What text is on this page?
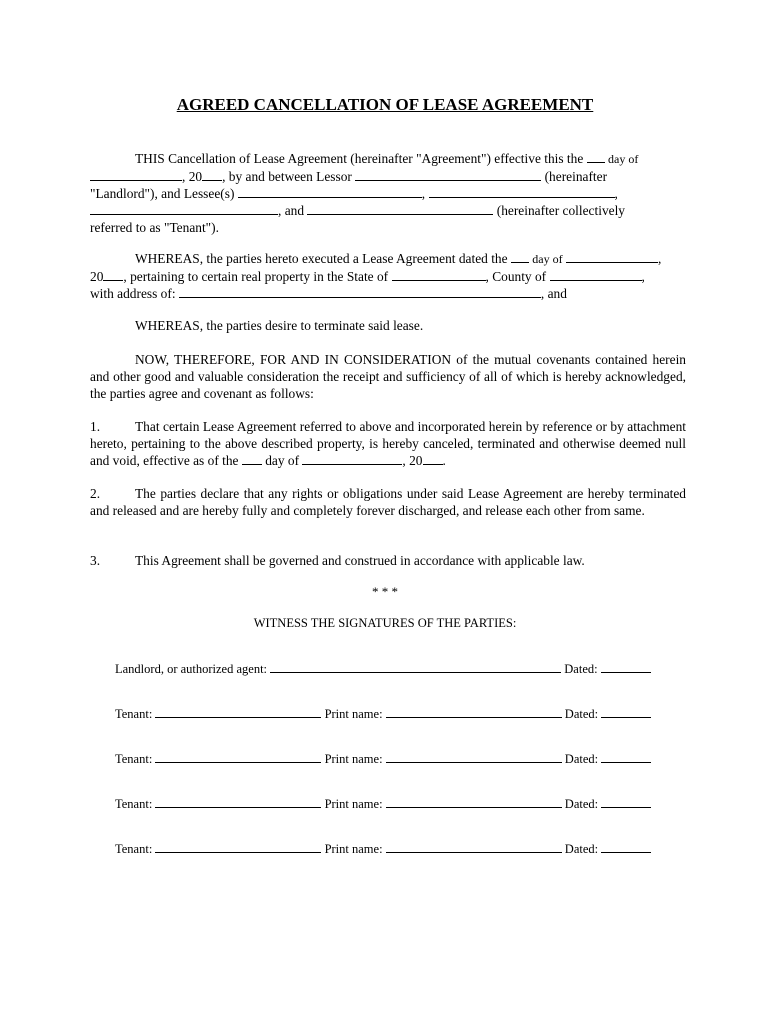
AGREED CANCELLATION OF LEASE AGREEMENT
THIS Cancellation of Lease Agreement (hereinafter "Agreement") effective this the day of
, 20 , by and between Lessor	(hereinafter
"Landlord"), and Lessee(s)	,	,
, and	(hereinafter collectively
referred to as "Tenant").
WHEREAS, the parties hereto executed a Lease Agreement dated the day of	,
20 , pertaining to certain real property in the State of	, County of	,
with address of:	, and
WHEREAS, the parties desire to terminate said lease.
NOW, THEREFORE, FOR AND IN CONSIDERATION of the mutual covenants contained herein and other good and valuable consideration the receipt and sufficiency of all of which is hereby acknowledged, the parties agree and covenant as follows:
1.	That certain Lease Agreement referred to above and incorporated herein by reference or by attachment hereto, pertaining to the above described property, is hereby canceled, terminated and otherwise deemed null and void, effective as of the day of	, 20 .
2.	The parties declare that any rights or obligations under said Lease Agreement are hereby terminated and released and are hereby fully and completely forever discharged, and release each other from same.
3.	This Agreement shall be governed and construed in accordance with applicable law.
* * *
WITNESS THE SIGNATURES OF THE PARTIES:
Landlord, or authorized agent:	Dated:
Tenant:	Print name:	Dated:
Tenant:	Print name:	Dated:
Tenant:	Print name:	Dated:
Tenant:	Print name:	Dated:
